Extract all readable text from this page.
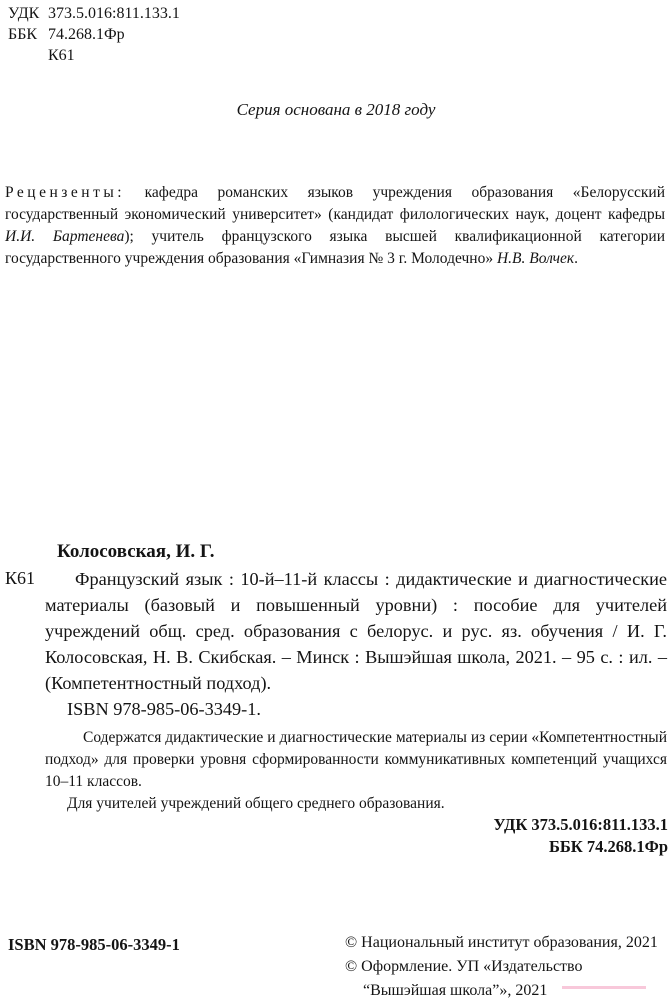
УДК 373.5.016:811.133.1
ББК 74.268.1Фр
К61
Серия основана в 2018 году

Рецензенты: кафедра романских языков учреждения образования «Белорусский государственный экономический университет» (кандидат филологических наук, доцент кафедры И.И. Бартенева); учитель французского языка высшей квалификационной категории государственного учреждения образования «Гимназия № 3 г. Молодечно» Н.В. Волчек.

Колосовская, И. Г.
К61	Французский язык : 10-й–11-й классы : дидактические и диагностические материалы (базовый и повышенный уровни) : пособие для учителей учреждений общ. сред. образования с белорус. и рус. яз. обучения / И. Г. Колосовская, Н. В. Скибская. – Минск : Вышэйшая школа, 2021. – 95 с. : ил. – (Компетентностный подход).

ISBN 978-985-06-3349-1.

Содержатся дидактические и диагностические материалы из серии «Компетентностный подход» для проверки уровня сформированности коммуникативных компетенций учащихся 10–11 классов.

Для учителей учреждений общего среднего образования.

УДК 373.5.016:811.133.1
ББК 74.268.1Фр
ISBN 978-985-06-3349-1	© Национальный институт образования, 2021
© Оформление. УП «Издательство
“Вышэйшая школа”», 2021
